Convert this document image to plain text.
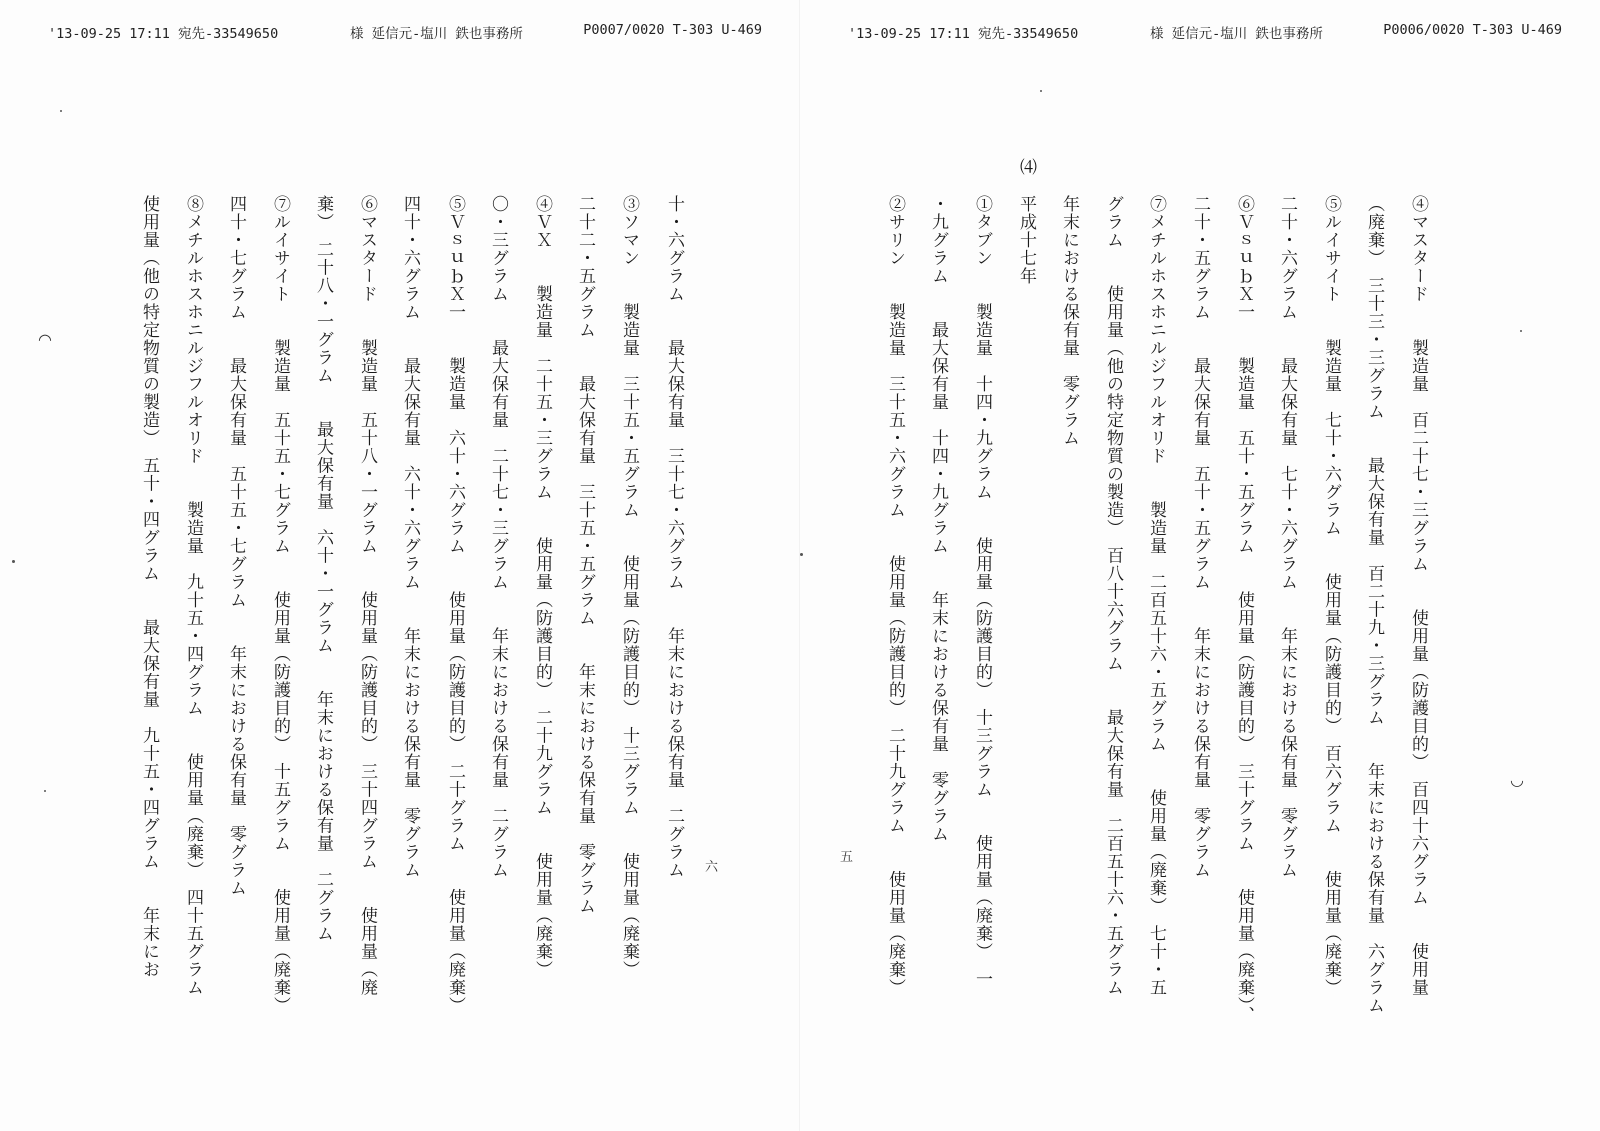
'13-09-25 17:11 宛先-33549650	様 延信元-塩川 鉄也事務所	P0007/0020 T-303 U-469
十・六グラム　　最大保有量　三十七・六グラム　　年末における保有量　二グラム
③ソマン　　製造量　三十五・五グラム　　使用量（防護目的）　十三グラム　　使用量（廃棄）
二十二・五グラム　　最大保有量　三十五・五グラム　　年末における保有量　零グラム
④ＶＸ　　製造量　二十五・三グラム　　使用量（防護目的）　二十九グラム　　使用量（廃棄）
〇・三グラム　　最大保有量　二十七・三グラム　　年末における保有量　二グラム
⑤ＶｓｕｂＸ一　　製造量　六十・六グラム　　使用量（防護目的）　二十グラム　　使用量（廃棄）
四十・六グラム　　最大保有量　六十・六グラム　　年末における保有量　零グラム
⑥マスタード　　製造量　五十八・一グラム　　使用量（防護目的）　三十四グラム　　使用量（廃
棄）　二十八・一グラム　　最大保有量　六十・一グラム　　年末における保有量　二グラム
⑦ルイサイト　　製造量　五十五・七グラム　　使用量（防護目的）　十五グラム　　使用量（廃棄）
四十・七グラム　　最大保有量　五十五・七グラム　　年末における保有量　零グラム
⑧メチルホスホニルジフルオリド　　製造量　九十五・四グラム　　使用量（廃棄）　四十五グラム
使用量（他の特定物質の製造）　五十・四グラム　　最大保有量　九十五・四グラム　　年末にお	六
◠
'13-09-25 17:11 宛先-33549650	様 延信元-塩川 鉄也事務所	P0006/0020 T-303 U-469
④マスタード　　製造量　百二十七・三グラム　　使用量（防護目的）　百四十六グラム　　使用量
（廃棄）　三十三・三グラム　　最大保有量　百二十九・三グラム　　年末における保有量　六グラム
⑤ルイサイト　　製造量　七十・六グラム　　使用量（防護目的）　百六グラム　　使用量（廃棄）
二十・六グラム　　最大保有量　七十・六グラム　　年末における保有量　零グラム
⑥ＶｓｕｂＸ一　　製造量　五十・五グラム　　使用量（防護目的）　三十グラム　　使用量（廃棄）、
二十・五グラム　　最大保有量　五十・五グラム　　年末における保有量　零グラム
⑦メチルホスホニルジフルオリド　　製造量　二百五十六・五グラム　　使用量（廃棄）　七十・五
グラム　　使用量（他の特定物質の製造）　百八十六グラム　　最大保有量　二百五十六・五グラム
年末における保有量　零グラム
⑷
平成十七年
①タブン　　製造量　十四・九グラム　　使用量（防護目的）　十三グラム　　使用量（廃棄）　一
・九グラム　　最大保有量　十四・九グラム　　年末における保有量　零グラム
②サリン　　製造量　三十五・六グラム　　使用量（防護目的）　二十九グラム　　使用量（廃棄）
五
◡
